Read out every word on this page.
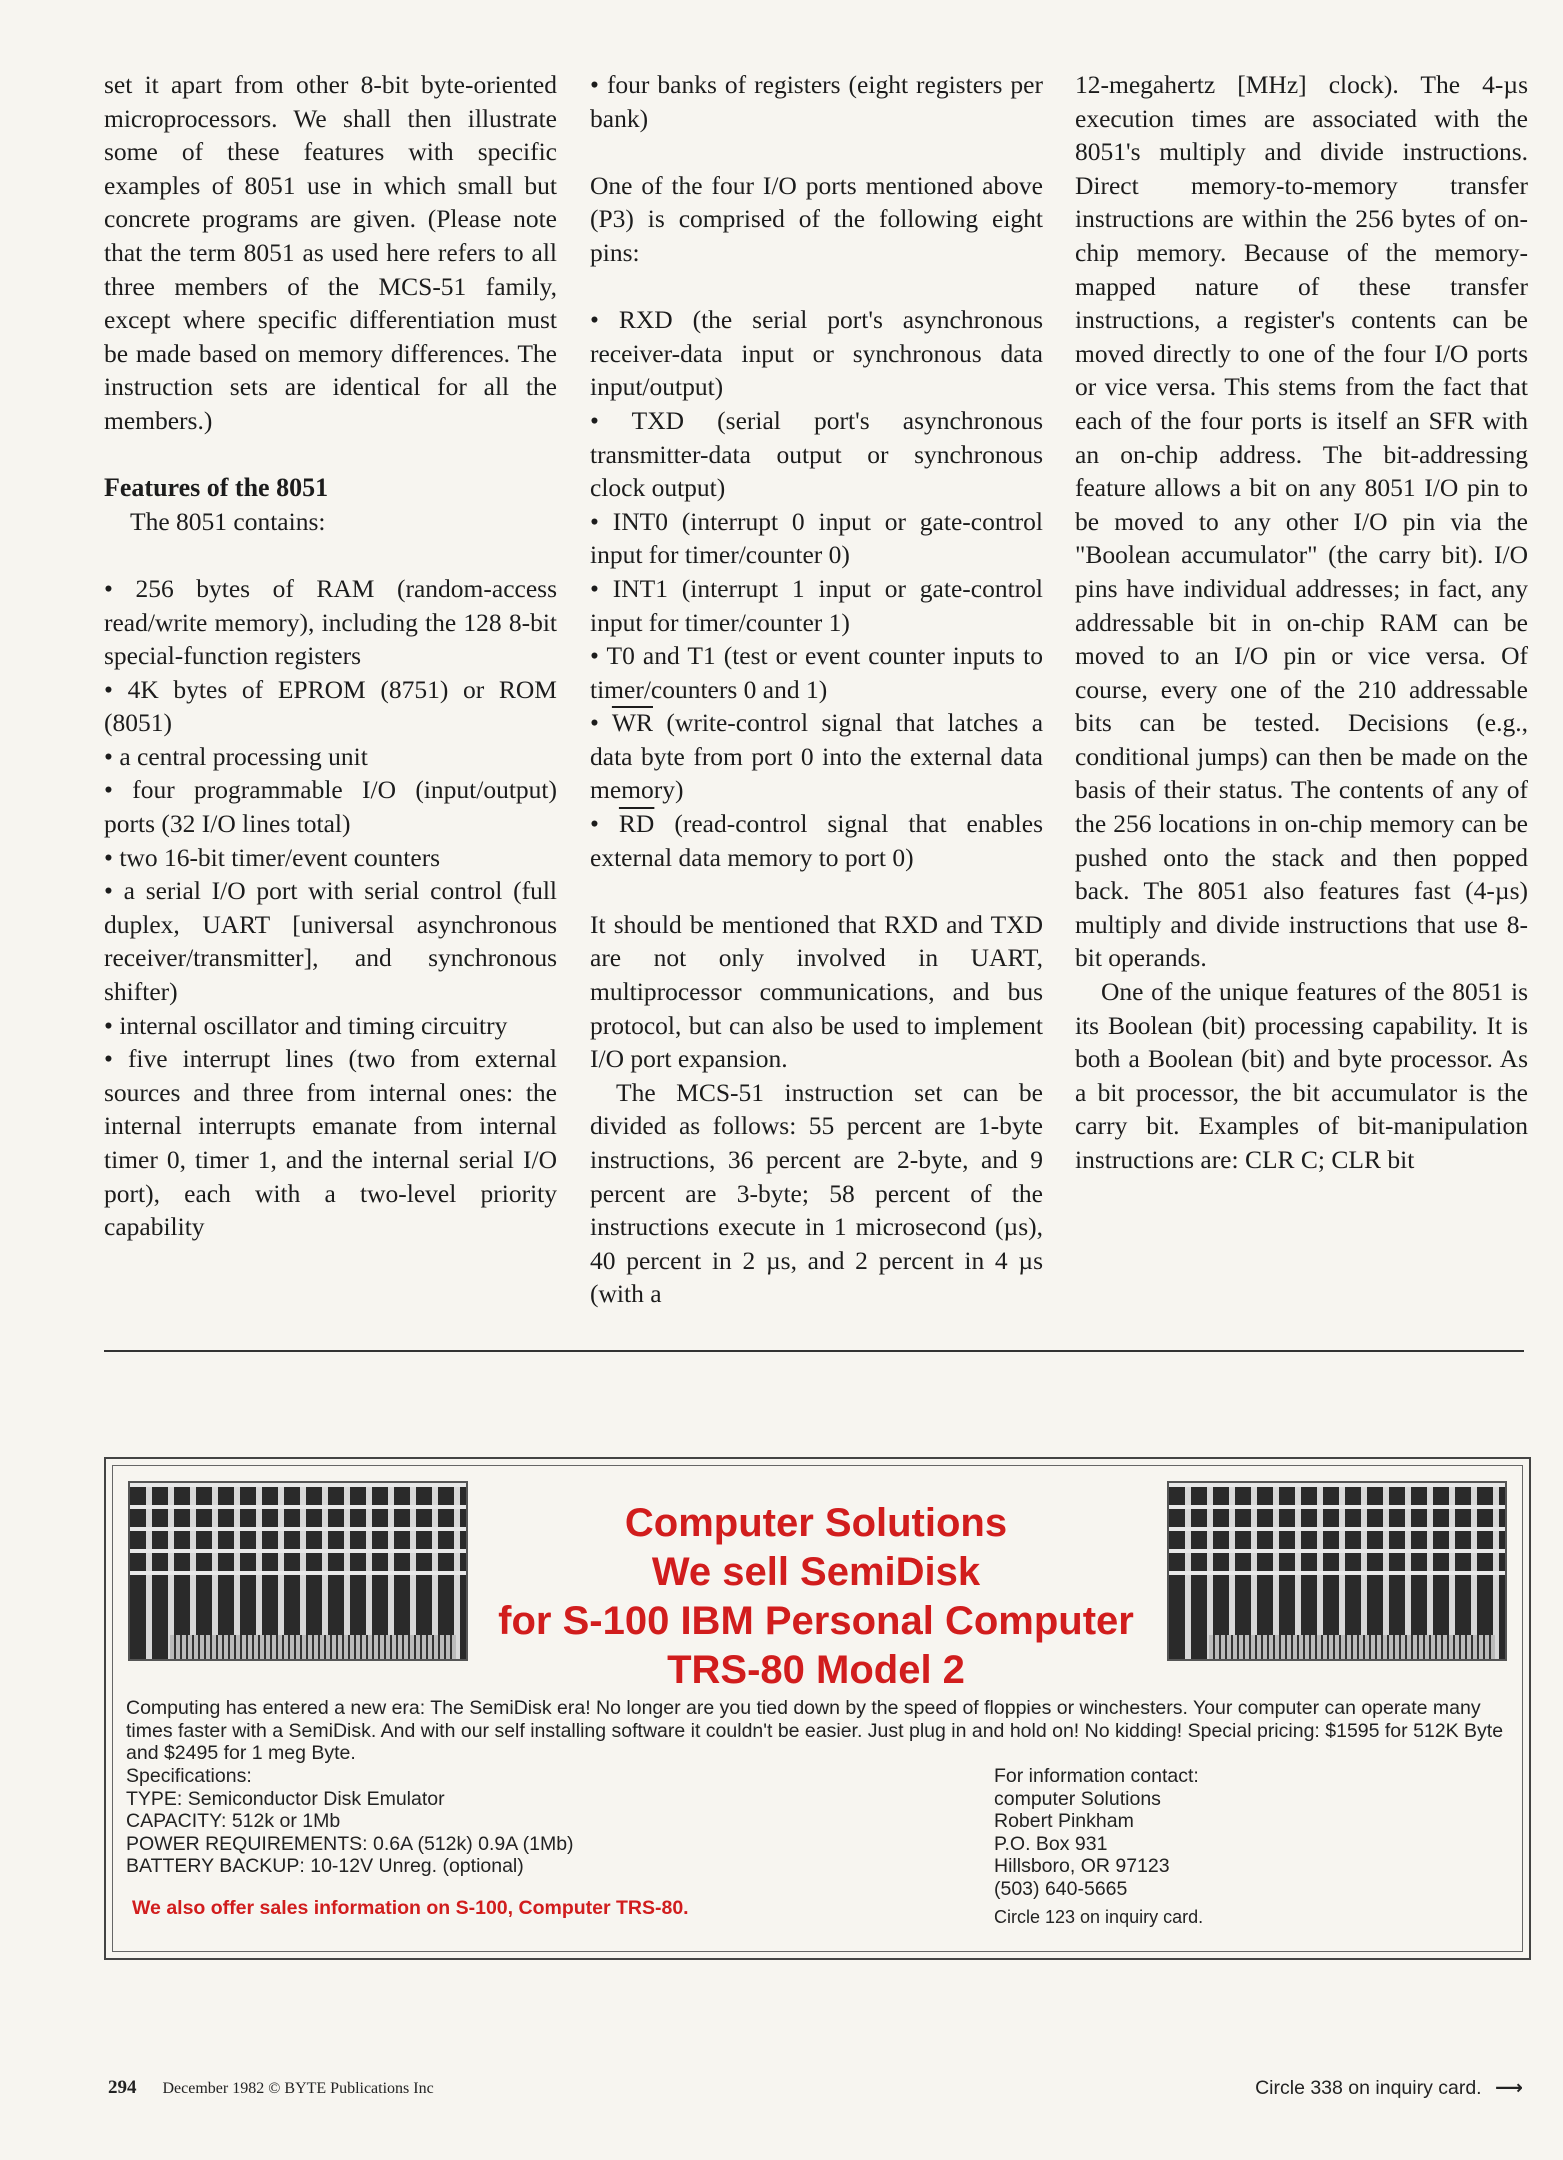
set it apart from other 8-bit byte-oriented microprocessors. We shall then illustrate some of these features with specific examples of 8051 use in which small but concrete programs are given. (Please note that the term 8051 as used here refers to all three members of the MCS-51 family, except where specific differentiation must be made based on memory differences. The instruction sets are identical for all the members.)

Features of the 8051

The 8051 contains:

• 256 bytes of RAM (random-access read/write memory), including the 128 8-bit special-function registers

• 4K bytes of EPROM (8751) or ROM (8051)

• a central processing unit

• four programmable I/O (input/output) ports (32 I/O lines total)

• two 16-bit timer/event counters

• a serial I/O port with serial control (full duplex, UART [universal asynchronous receiver/transmitter], and synchronous shifter)

• internal oscillator and timing circuitry

• five interrupt lines (two from external sources and three from internal ones: the internal interrupts emanate from internal timer 0, timer 1, and the internal serial I/O port), each with a two-level priority capability

• four banks of registers (eight registers per bank)

One of the four I/O ports mentioned above (P3) is comprised of the following eight pins:

• RXD (the serial port's asynchronous receiver-data input or synchronous data input/output)

• TXD (serial port's asynchronous transmitter-data output or synchronous clock output)

• INT0 (interrupt 0 input or gate-control input for timer/counter 0)

• INT1 (interrupt 1 input or gate-control input for timer/counter 1)

• T0 and T1 (test or event counter inputs to timer/counters 0 and 1)

• $\overline{WR}$ (write-control signal that latches a data byte from port 0 into the external data memory)

• $\overline{RD}$ (read-control signal that enables external data memory to port 0)

It should be mentioned that RXD and TXD are not only involved in UART, multiprocessor communications, and bus protocol, but can also be used to implement I/O port expansion.

The MCS-51 instruction set can be divided as follows: 55 percent are 1-byte instructions, 36 percent are 2-byte, and 9 percent are 3-byte; 58 percent of the instructions execute in 1 microsecond (µs), 40 percent in 2 µs, and 2 percent in 4 µs (with a

12-megahertz [MHz] clock). The 4-µs execution times are associated with the 8051's multiply and divide instructions. Direct memory-to-memory transfer instructions are within the 256 bytes of on-chip memory. Because of the memory-mapped nature of these transfer instructions, a register's contents can be moved directly to one of the four I/O ports or vice versa. This stems from the fact that each of the four ports is itself an SFR with an on-chip address. The bit-addressing feature allows a bit on any 8051 I/O pin to be moved to any other I/O pin via the "Boolean accumulator" (the carry bit). I/O pins have individual addresses; in fact, any addressable bit in on-chip RAM can be moved to an I/O pin or vice versa. Of course, every one of the 210 addressable bits can be tested. Decisions (e.g., conditional jumps) can then be made on the basis of their status. The contents of any of the 256 locations in on-chip memory can be pushed onto the stack and then popped back. The 8051 also features fast (4-µs) multiply and divide instructions that use 8-bit operands.

One of the unique features of the 8051 is its Boolean (bit) processing capability. It is both a Boolean (bit) and byte processor. As a bit processor, the bit accumulator is the carry bit. Examples of bit-manipulation instructions are: CLR C; CLR bit

Computer Solutions
We sell SemiDisk
for S-100 IBM Personal Computer
TRS-80 Model 2
Computing has entered a new era: The SemiDisk era! No longer are you tied down by the speed of floppies or winchesters. Your computer can operate many times faster with a SemiDisk. And with our self installing software it couldn't be easier. Just plug in and hold on! No kidding! Special pricing: $1595 for 512K Byte and $2495 for 1 meg Byte.
Specifications:
TYPE: Semiconductor Disk Emulator
CAPACITY: 512k or 1Mb
POWER REQUIREMENTS: 0.6A (512k) 0.9A (1Mb)
BATTERY BACKUP: 10-12V Unreg. (optional)
For information contact:
computer Solutions
Robert Pinkham
P.O. Box 931
Hillsboro, OR 97123
(503) 640-5665
Circle 123 on inquiry card.
We also offer sales information on S-100, Computer TRS-80.
294 December 1982 © BYTE Publications Inc	Circle 338 on inquiry card. ⟶
